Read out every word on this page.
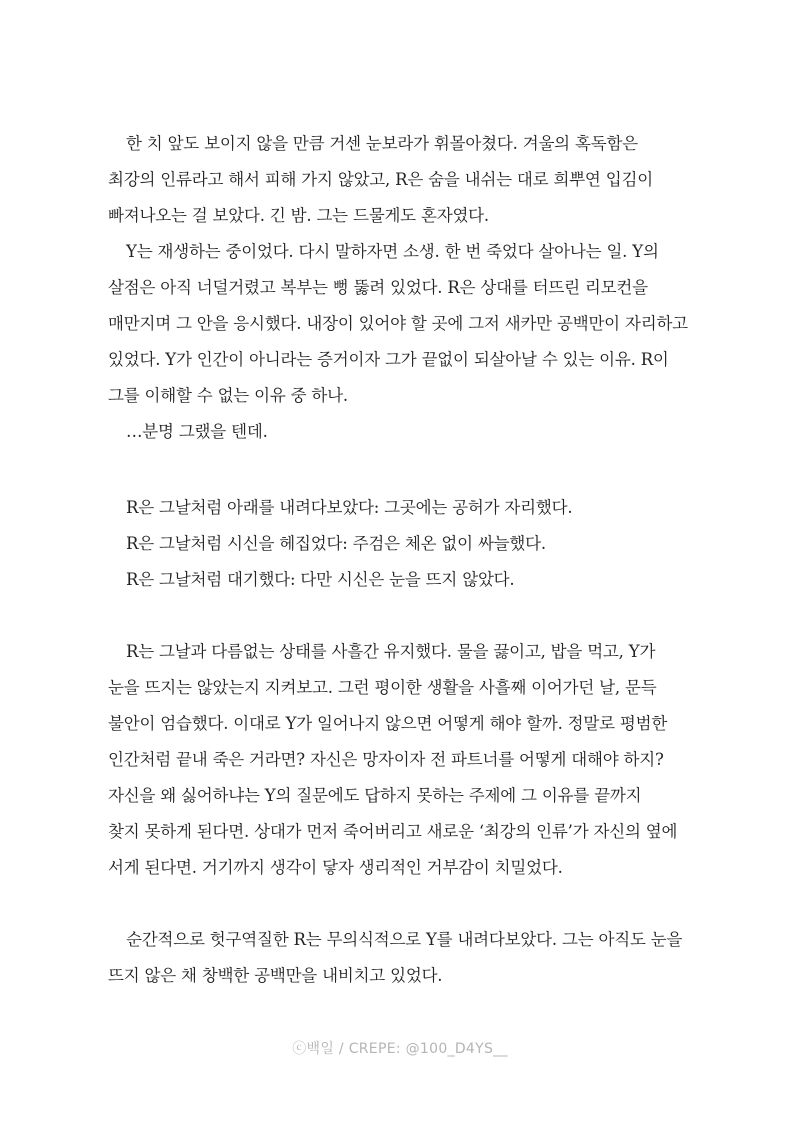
한 치 앞도 보이지 않을 만큼 거센 눈보라가 휘몰아쳤다. 겨울의 혹독함은
최강의 인류라고 해서 피해 가지 않았고, R은 숨을 내쉬는 대로 희뿌연 입김이
빠져나오는 걸 보았다. 긴 밤. 그는 드물게도 혼자였다.
Y는 재생하는 중이었다. 다시 말하자면 소생. 한 번 죽었다 살아나는 일. Y의
살점은 아직 너덜거렸고 복부는 뻥 뚫려 있었다. R은 상대를 터뜨린 리모컨을
매만지며 그 안을 응시했다. 내장이 있어야 할 곳에 그저 새카만 공백만이 자리하고
있었다. Y가 인간이 아니라는 증거이자 그가 끝없이 되살아날 수 있는 이유. R이
그를 이해할 수 없는 이유 중 하나.
…분명 그랬을 텐데.
R은 그날처럼 아래를 내려다보았다: 그곳에는 공허가 자리했다.
R은 그날처럼 시신을 헤집었다: 주검은 체온 없이 싸늘했다.
R은 그날처럼 대기했다: 다만 시신은 눈을 뜨지 않았다.
R는 그날과 다름없는 상태를 사흘간 유지했다. 물을 끓이고, 밥을 먹고, Y가
눈을 뜨지는 않았는지 지켜보고. 그런 평이한 생활을 사흘째 이어가던 날, 문득
불안이 엄습했다. 이대로 Y가 일어나지 않으면 어떻게 해야 할까. 정말로 평범한
인간처럼 끝내 죽은 거라면? 자신은 망자이자 전 파트너를 어떻게 대해야 하지?
자신을 왜 싫어하냐는 Y의 질문에도 답하지 못하는 주제에 그 이유를 끝까지
찾지 못하게 된다면. 상대가 먼저 죽어버리고 새로운 ‘최강의 인류’가 자신의 옆에
서게 된다면. 거기까지 생각이 닿자 생리적인 거부감이 치밀었다.
순간적으로 헛구역질한 R는 무의식적으로 Y를 내려다보았다. 그는 아직도 눈을
뜨지 않은 채 창백한 공백만을 내비치고 있었다.
ⓒ백일 / CREPE: @100_D4YS__
